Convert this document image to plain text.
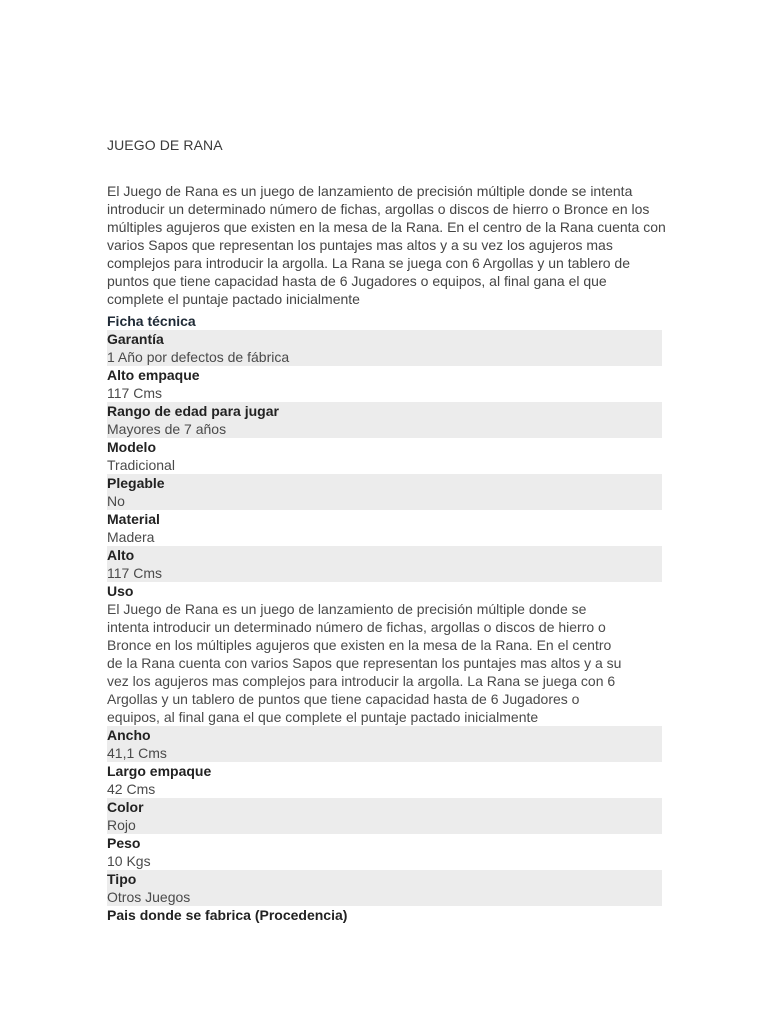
JUEGO DE RANA
El Juego de Rana es un juego de lanzamiento de precisión múltiple donde se intenta introducir un determinado número de fichas, argollas o discos de hierro o Bronce en los múltiples agujeros que existen en la mesa de la Rana. En el centro de la Rana cuenta con varios Sapos que representan los puntajes mas altos y a su vez los agujeros mas complejos para introducir la argolla. La Rana se juega con 6 Argollas y un tablero de puntos que tiene capacidad hasta de 6 Jugadores o equipos, al final gana el que complete el puntaje pactado inicialmente
Ficha técnica
Garantía
1 Año por defectos de fábrica
Alto empaque
117 Cms
Rango de edad para jugar
Mayores de 7 años
Modelo
Tradicional
Plegable
No
Material
Madera
Alto
117 Cms
Uso
El Juego de Rana es un juego de lanzamiento de precisión múltiple donde se
intenta introducir un determinado número de fichas, argollas o discos de hierro o
Bronce en los múltiples agujeros que existen en la mesa de la Rana. En el centro
de la Rana cuenta con varios Sapos que representan los puntajes mas altos y a su
vez los agujeros mas complejos para introducir la argolla. La Rana se juega con 6
Argollas y un tablero de puntos que tiene capacidad hasta de 6 Jugadores o
equipos, al final gana el que complete el puntaje pactado inicialmente
Ancho
41,1 Cms
Largo empaque
42 Cms
Color
Rojo
Peso
10 Kgs
Tipo
Otros Juegos
Pais donde se fabrica (Procedencia)
